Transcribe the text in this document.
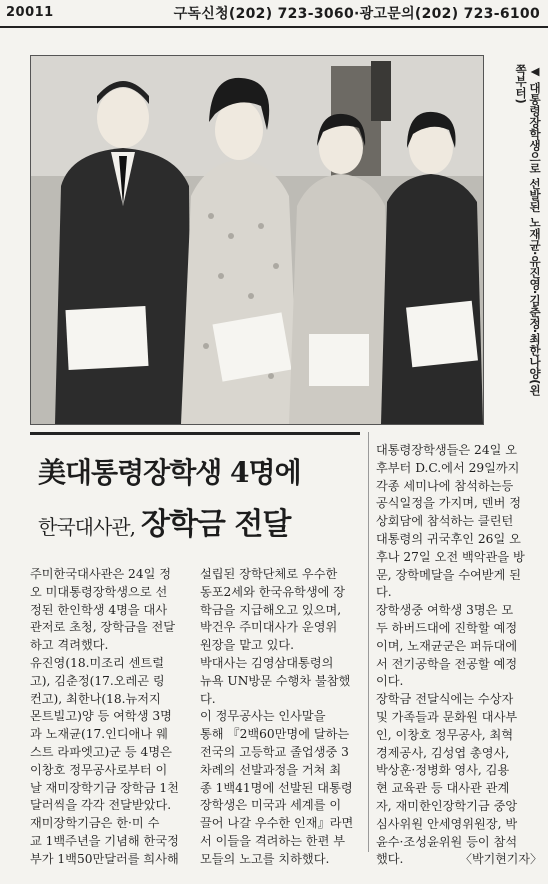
20011	구독신청(202) 723-3060·광고문의(202) 723-6100
◀ 대통령장학생으로 선발된 노재균·유진영·김춘정·최한나양(왼쪽부터)
美대통령장학생 4명에
한국대사관, 장학금 전달
주미한국대사관은 24일 정
오 미대통령장학생으로 선
정된 한인학생 4명을 대사
관저로 초청, 장학금을 전달
하고 격려했다.
유진영(18.미조리 센트럴
고), 김춘정(17.오레곤 링
컨고), 최한나(18.뉴저지
몬트빌고)양 등 여학생 3명
과 노재균(17.인디애나 웨
스트 라파엣고)군 등 4명은
이창호 정무공사로부터 이
날 재미장학기금 장학금 1천
달러씩을 각각 전달받았다.
재미장학기금은 한·미 수
교 1백주년을 기념해 한국정
부가 1백50만달러를 희사해
설립된 장학단체로 우수한
동포2세와 한국유학생에 장
학금을 지급해오고 있으며,
박건우 주미대사가 운영위
원장을 맡고 있다.
박대사는 김영삼대통령의
뉴욕 UN방문 수행차 불참했
다.
이 정무공사는 인사말을
통해 『2백60만명에 달하는
전국의 고등학교 졸업생중 3
차례의 선발과정을 거쳐 최
종 1백41명에 선발된 대통령
장학생은 미국과 세계를 이
끌어 나갈 우수한 인재』라면
서 이들을 격려하는 한편 부
모들의 노고를 치하했다.
대통령장학생들은 24일 오
후부터 D.C.에서 29일까지
각종 세미나에 참석하는등
공식일정을 가지며, 덴버 정
상회담에 참석하는 클린턴
대통령의 귀국후인 26일 오
후나 27일 오전 백악관을 방
문, 장학메달을 수여받게 된
다.
장학생중 여학생 3명은 모
두 하버드대에 진학할 예정
이며, 노재균군은 퍼듀대에
서 전기공학을 전공할 예정
이다.
장학금 전달식에는 수상자
및 가족들과 문화원 대사부
인, 이창호 정무공사, 최혁
경제공사, 김성엽 총영사,
박상훈·정병화 영사, 김용
현 교육관 등 대사관 관계
자, 재미한인장학기금 중앙
심사위원 안세영위원장, 박
윤수·조성윤위원 등이 참석
했다.	〈박기현기자〉
